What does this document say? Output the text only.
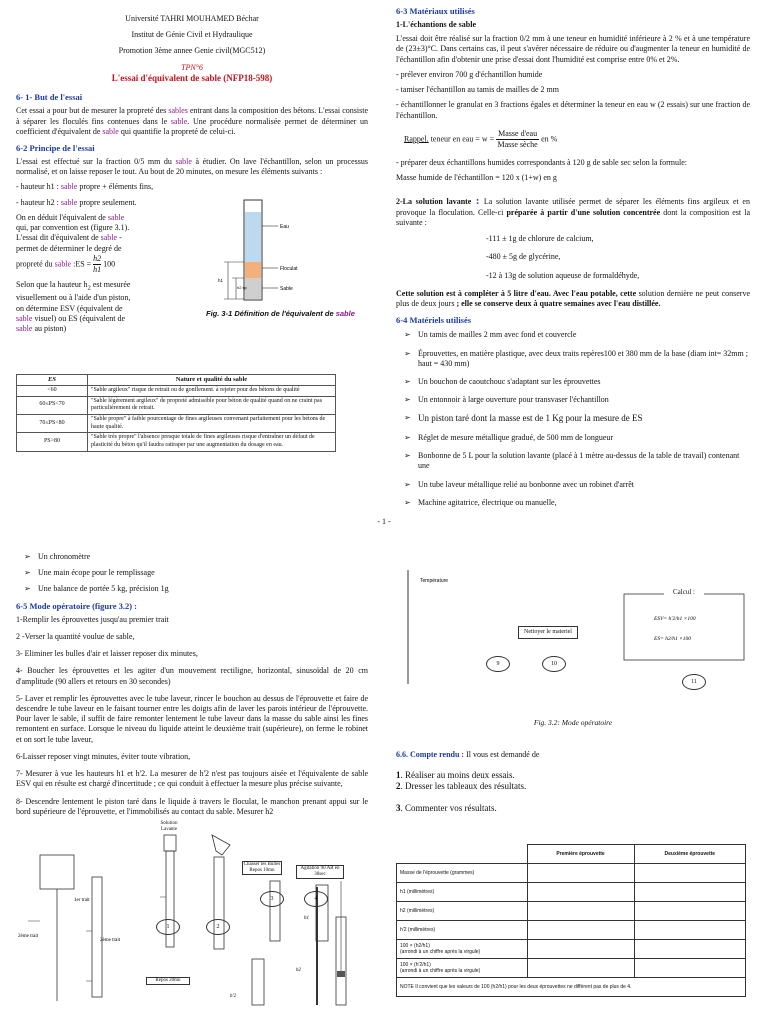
Université TAHRI MOUHAMED Béchar
Institut de Génie Civil et Hydraulique
Promotion 3ème annee Genie civil(MGC512)
TPN°6
L'essai d'équivalent de sable (NFP18-598)
6- 1- But de l'essai

Cet essai a pour but de mesurer la propreté des sables entrant dans la composition des bétons. L'essai consiste à séparer les floculés fins contenues dans le sable. Une procédure normalisée permet de déterminer un coefficient d'équivalent de sable qui quantifie la propreté de celui-ci.

6-2 Principe de l'essai

L'essai est effectué sur la fraction 0/5 mm du sable à étudier. On lave l'échantillon, selon un processus normalisé, et on laisse reposer le tout. Au bout de 20 minutes, on mesure les éléments suivants :

- hauteur h1 : sable propre + éléments fins,

- hauteur h2 : sable propre seulement.

On en déduit l'équivalent de sable qui, par convention est (figure 3.1). L'essai dit d'équivalent de sable - permet de déterminer le degré de propreté du sable :ES = $\frac{h2}{h1} 100$

Selon que la hauteur $h_2$ est mesurée visuellement ou à l'aide d'un piston, on détermine ESV (équivalent de sable visuel) ou ES (équivalent de sable au piston)

Eau
Floculat
Sable
h1
h2 sp
Fig. 3-1 Définition de l'équivalent de sable
ES	Nature et qualité du sable
<60	"Sable argileux" risque de retrait ou de gonflement. à rejeter pour des bétons de qualité
60≤PS<70	"Sable légèrement argileux" de propreté admissible pour béton de qualité quand on ne craint pas particulièrement de retrait.
70≤PS<80	"Sable propre" à faible pourcentage de fines argileuses convenant parfaitement pour les bétons de haute qualité.
PS>80	"Sable très propre" l'absence presque totale de fines argileuses risque d'entraîner un défaut de plasticité du béton qu'il faudra rattraper par une augmentation du dosage en eau.
6-3 Matériaux utilisés
1-L'échantions de sable

L'essai doit être réalisé sur la fraction 0/2 mm à une teneur en humidité inférieure à 2 % et à une température de (23±3)°C. Dans certains cas, il peut s'avérer nécessaire de réduire ou d'augmenter la teneur en humidité de l'échantillon afin d'obtenir une prise d'essai dont l'humidité est comprise entre 0% et 2%.

- prélever environ 700 g d'échantillon humide

- tamiser l'échantillon au tamis de mailles de 2 mm

- échantillonner le granulat en 3 fractions égales et déterminer la teneur en eau w (2 essais) sur une fraction de l'échantillon.

Rappel. teneur en eau = w =
Masse d'eau
Masse sèche
en %

- préparer deux échantillons humides correspondants à 120 g de sable sec selon la formule:

Masse humide de l'échantillon = 120 x (1+w) en g

2-La solution lavante : La solution lavante utilisée permet de séparer les éléments fins argileux et en provoque la floculation. Celle-ci préparée à partir d'une solution concentrée dont la composition est la suivante :

-111 ± 1g de chlorure de calcium,
-480 ± 5g de glycérine,
-12 à 13g de solution aqueuse de formaldéhyde,

Cette solution est à compléter à 5 litre d'eau. Avec l'eau potable, cette solution dernière ne peut conserve plus de deux jours ; elle se conserve deux à quatre semaines avec l'eau distillée.

6-4 Matériels utilisés
➢ Un tamis de mailles 2 mm avec fond et couvercle
➢ Éprouvettes, en matière plastique, avec deux traits repères100 et 380 mm de la base (diam int= 32mm ; haut = 430 mm)
➢ Un bouchon de caoutchouc s'adaptant sur les éprouvettes
➢ Un entonnoir à large ouverture pour transvaser l'échantillon
➢ Un piston taré dont la masse est de 1 Kg pour la mesure de ES
➢ Réglet de mesure métallique gradué, de 500 mm de longueur
➢ Bonbonne de 5 L pour la solution lavante (placé à 1 mètre au-dessus de la table de travail) contenant une
➢ Un tube laveur métallique relié au bonbonne avec un robinet d'arrêt
➢ Machine agitatrice, électrique ou manuelle,
- 1 -
➢ Un chronomètre
➢ Une main écope pour le remplissage
➢ Une balance de portée 5 kg, précision 1g
6-5 Mode opératoire (figure 3.2) :

1-Remplir les éprouvettes jusqu'au premier trait

2 -Verser la quantité voulue de sable,

3- Eliminer les bulles d'air et laisser reposer dix minutes,

4- Boucher les éprouvettes et les agiter d'un mouvement rectiligne, horizontal, sinusoïdal de 20 cm d'amplitude (90 allers et retours en 30 secondes)

5- Laver et remplir les éprouvettes avec le tube laveur, rincer le bouchon au dessus de l'éprouvette et faire de descendre le tube laveur en le faisant tourner entre les doigts afin de laver les parois intérieur de l'éprouvette. Pour laver le sable, il suffit de faire remonter lentement le tube laveur dans la masse du sable ainsi les fines remontent en surface. Lorsque le niveau du liquide atteint le deuxième trait (supérieure), on ferme le robinet et on sort le tube laveur,

6-Laisser reposer vingt minutes, éviter toute vibration,

7- Mesurer à vue les hauteurs h1 et h'2. La mesurer de h'2 n'est pas toujours aisée et l'équivalente de sable ESV qui en résulte est chargé d'incertitude ; ce qui conduit à effectuer la mesure plus précise suivante,

8- Descendre lentement le piston taré dans le liquide à travers le floculat, le manchon prenant appui sur le bord supérieure de l'éprouvette, et l'immobilisés au contact du sable. Mesurer h2

1er trait
2ème trait
2ème trait
h1
h2
h'2
Solution Lavante
Chasser les Bulles Repos 10mn	Agitation 90 AR en 30sec
Repos 20mn
1	2
3	4
Température
ESV= h'2/h1 ×100
ES= h2/h1 ×100
Nettoyer le materiel
Calcul :
9	10
11
Fig. 3.2: Mode opératoire
6.6. Compte rendu : Il vous est demandé de
1. Réaliser au moins deux essais.
2. Dresser les tableaux des résultats.
3. Commenter vos résultats.
	Première éprouvette	Deuxième éprouvette
Masse de l'éprouvette (grammes)		
h1 (millimètres)		
h2 (millimètres)		
h'2 (millimètres)		
100 × (h2/h1)
(arrondi à un chiffre après la virgule)		
100 × (h'2/h1)
(arrondi à un chiffre après la virgule)		
NOTE Il convient que les valeurs de 100 (h2/h1) pour les deux éprouvettes ne diffèrent pas de plus de 4.		
